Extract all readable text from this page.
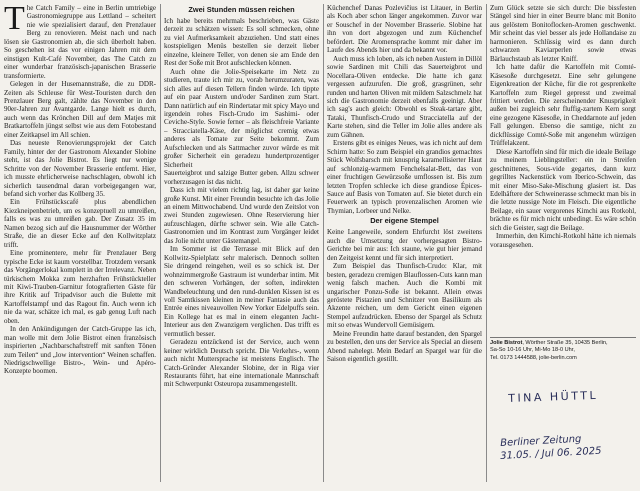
T he Catch Family – eine in Berlin umtriebige Gastronomiegruppe aus Lettland – scheitert nie wie spezialisiert darauf, den Prenzlauer Berg zu renovieren. Meist nach und nach lösen sie Gastronomien ab, die sich überholt haben. So geschehen ist das vor einigen Jahren mit dem einstigen Kult-Café November, das The Catch zu einer wunderbar französisch-japanischen Brasserie transformierte.

Gelegen in der Husemannstraße, die zu DDR-Zeiten als Schleuse für West-Touristen durch den Prenzlauer Berg galt, zählte das November in den 90er-Jahren zur Avantgarde. Lange hielt es durch, auch wenn das Krönchen Dill auf dem Matjes mit Bratkartoffeln jüngst selbst wie aus dem Fotobestand einer Zeitkapsel im All schien.

Das neueste Renovierungsprojekt der Catch Family, hinter der der Gastronom Alexander Slobine steht, ist das Jolie Bistrot. Es liegt nur wenige Schritte von der November Brasserie entfernt. Hier, ich musste ehrlicherweise nachschlagen, obwohl ich sicherlich tausendmal daran vorbeigegangen war, befand sich vorher das Kollberg 35.

Ein Frühstückscafé plus abendlichen Kiezkneipenbetrieb, um es konzeptuell zu umreißen, falls es was zu umreißen gab. Der Zusatz 35 im Namen bezog sich auf die Hausnummer der Wörther Straße, die an dieser Ecke auf den Kollwitzplatz trifft.

Eine prominentere, mehr für Prenzlauer Berg typische Ecke ist kaum vorstellbar. Trotzdem versank das Vorgängerlokal komplett in der Irrelevanz. Neben türkischem Mokka zum herzhaften Frühstückteller mit Kiwi-Trauben-Garnitur fotografierten Gäste für ihre Kritik auf Tripadvisor auch die Bulette mit Kartoffelstampf und das Ragout fin. Auch wenn ich nie da war, schätze ich mal, es gab genug Luft nach oben.

In den Ankündigungen der Catch-Gruppe las ich, man wolle mit dem Jolie Bistrot einen französisch inspirierten „Nachbarschaftstreff mit sanften Tönen zum Teilen“ und „low intervention“ Weinen schaffen. Niedrigschwellige Bistro-, Wein- und Apéro-Konzepte boomen.

Zwei Stunden müssen reichen

Ich habe bereits mehrmals beschrieben, was Gäste derzeit zu schätzen wissen: Es soll schmecken, ohne zu viel Aufmerksamkeit abzuziehen. Und statt eines kostspieligen Menüs bestellen sie derzeit lieber einzelne, kleinere Teller, von denen sie am Ende den Rest der Soße mit Brot aufschlecken können.

Auch ohne die Jolie-Speisekarte im Netz zu studieren, traute ich mir zu, vorab herumzuraten, was sich alles auf diesen Tellern finden würde. Ich tippte auf ein paar Austern und/oder Sardinen zum Start. Dann natürlich auf ein Rindertatar mit spicy Mayo und irgendein rohes Fisch-Crudo im Sashimi- oder Ceviche-Style. Sowie ferner – als fleischfreie Variante – Stracciatella-Käse, der möglichst cremig etwas anderes als Tomate zur Seite bekommt. Zum Aufschlecken und als Sattmacher zuvor würde es mit großer Sicherheit ein geradezu hundertprozentiger Sicherheit

Sauerteigbrot und salzige Butter geben. Allzu schwer vorherzusagen ist das nicht.

Dass ich mit vielem richtig lag, ist daher gar keine große Kunst. Mit einer Freundin besuchte ich das Jolie an einem Mittwochabend. Und wurde den Zeitslot von zwei Stunden zugewiesen. Ohne Reservierung hier aufzuschlagen, dürfte schwer sein. Wie alle Catch-Gastronomien und im Kontrast zum Vorgänger leidet das Jolie nicht unter Gästemangel.

Im Sommer ist die Terrasse mit Blick auf den Kollwitz-Spielplatz sehr malerisch. Dennoch sollten Sie dringend reingehen, weil es so schick ist. Der wohnzimmergroße Gastraum ist wunderbar intim. Mit den schweren Vorhängen, der soften, indirekten Wandbeleuchtung und den rund-dunklen Kissen ist es voll Samtkissen kleinen in meiner Fantasie auch das Entrée eines niveauvollen New Yorker Edelpuffs sein. Ein Kollege hat es mal in einem eleganten Jacht-Interieur aus den Zwanzigern verglichen. Das trifft es vermutlich besser.

Geradezu entzückend ist der Service, auch wenn keiner wirklich Deutsch spricht. Die Verkehrs-, wenn auch nicht Muttersprache ist meistens Englisch. The Catch-Gründer Alexander Slobine, der in Riga vier Restaurants führt, hat eine internationale Mannschaft mit Schwerpunkt Osteuropa zusammengestellt.

Küchenchef Danas Pozlevičius ist Litauer, in Berlin als Koch aber schon länger angekommen. Zuvor war er Souschef in der November Brasserie. Slobine hat ihn von dort abgezogen und zum Küchenchef befördert. Die Aromensprache kommt mir daher im Laufe des Abends hier und da bekannt vor.

Auch muss ich loben, als ich neben Austern in Dillöl sowie Sardinen mit Chili das Sauerteigbrot und Nocellara-Oliven entdecke. Die hatte ich ganz vergessen aufzurufen. Die groß, grasgrünen, sehr runden und harten Oliven mit mildem Salzschmelz hat sich die Gastronomie derzeit ebenfalls geeinigt. Aber ich sag's auch gleich: Obwohl es Steak-tartare gibt, Tataki, Thunfisch-Crudo und Stracciatella auf der Karte stehen, sind die Teller im Jolie alles andere als zum Gähnen.

Erstens gibt es einiges Neues, was ich nicht auf dem Schirm hatte: So zum Beispiel ein grandios gemachtes Stück Wolfsbarsch mit knusprig karamellisierter Haut auf schlonzig-warmem Fenchelsalat-Bett, das von einer fruchtigen Gewürzsoße umflossen ist. Bis zum letzten Tropfen schlecke ich diese grandiose Épices-Sauce auf Basis von Tomaten auf. Sie bietet durch ein Feuerwerk an typisch provenzalischen Aromen wie Thymian, Lorbeer und Nelke.

Der eigene Stempel

Keine Langeweile, sondern Ehrfurcht löst zweitens auch die Umsetzung der vorhergesagten Bistro-Gerichte bei mir aus: Ich staune, wie gut hier jemand den Zeitgeist kennt und für sich interpretiert.

Zum Beispiel das Thunfisch-Crudo: Klar, mit besten, geradezu cremigen Blauflossen-Cuts kann man wenig falsch machen. Auch die Kombi mit ungarischer Ponzu-Soße ist bekannt. Allein etwas geröstete Pistazien und Schnitzer von Basilikum als Akzente reichen, um dem Gericht einen eigenen Stempel aufzudrücken. Ebenso der Spargel als Schutz mit so etwas Wundervoll Gemüsigem.

Meine Freundin hatte darauf bestanden, den Spargel zu bestellen, den uns der Service als Special an diesem Abend nahelegt. Mein Bedarf an Spargel war für die Saison eigentlich gestillt.

Zum Glück setzte sie sich durch: Die bissfesten Stängel sind hier in einer Beurre blanc mit Bonito aus gelöstem Bonitoflocken-Aromen geschwenkt. Mir scheint das viel besser als jede Hollandaise zu harmonieren. Schlüssig wird es dann durch schwarzen Kaviarperlen sowie etwas Bärlauchstaub als letzter Kniff.

Ich hatte dafür die Kartoffeln mit Comté-Käsesoße durchgesetzt. Eine sehr gelungene Eigenkreation der Küche, für die rot gesprenkelte Kartoffeln zum Riegel gepresst und zweimal frittiert werden. Die zerscheinender Knusprigkeit außen bei zugleich sehr fluffig-zartem Kern sorgt eine gezogene Käsesoße, in Cheddarnote auf jeden Fall gelungen. Ebenso die samtige, nicht zu dickflüssige Comté-Soße mit angenehm würzigen Trüffelakzent.

Diese Kartoffeln sind für mich die ideale Beilage zu meinem Lieblingsteller: ein in Streifen geschnittenes, Sous-vide gegartes, dann kurz gegrilltes Nackenstück vom Iberico-Schwein, das mit einer Miso-Sake-Mischung glasiert ist. Das Edelhäftere der Schweinerasse schmeckt man bis in die letzte nussige Note im Fleisch. Die eigentliche Beilage, ein sauer vergorenes Kimchi aus Rotkohl, brächte es für mich nicht unbedingt. Es wäre schön sich die Geister, sagt die Beilage.

Immerhin, den Kimchi-Rotkohl hätte ich niemals vorausgesehen.

Jolie Bistrot, Wörther Straße 35, 10435 Berlin,
Sa-So 10-16 Uhr, Mi-Mo 18-0 Uhr,
Tel. 0173 1444588, jolie-berlin.com
TINA HÜTTL
Berliner Zeitung
31.05. / Jul 06. 2025
